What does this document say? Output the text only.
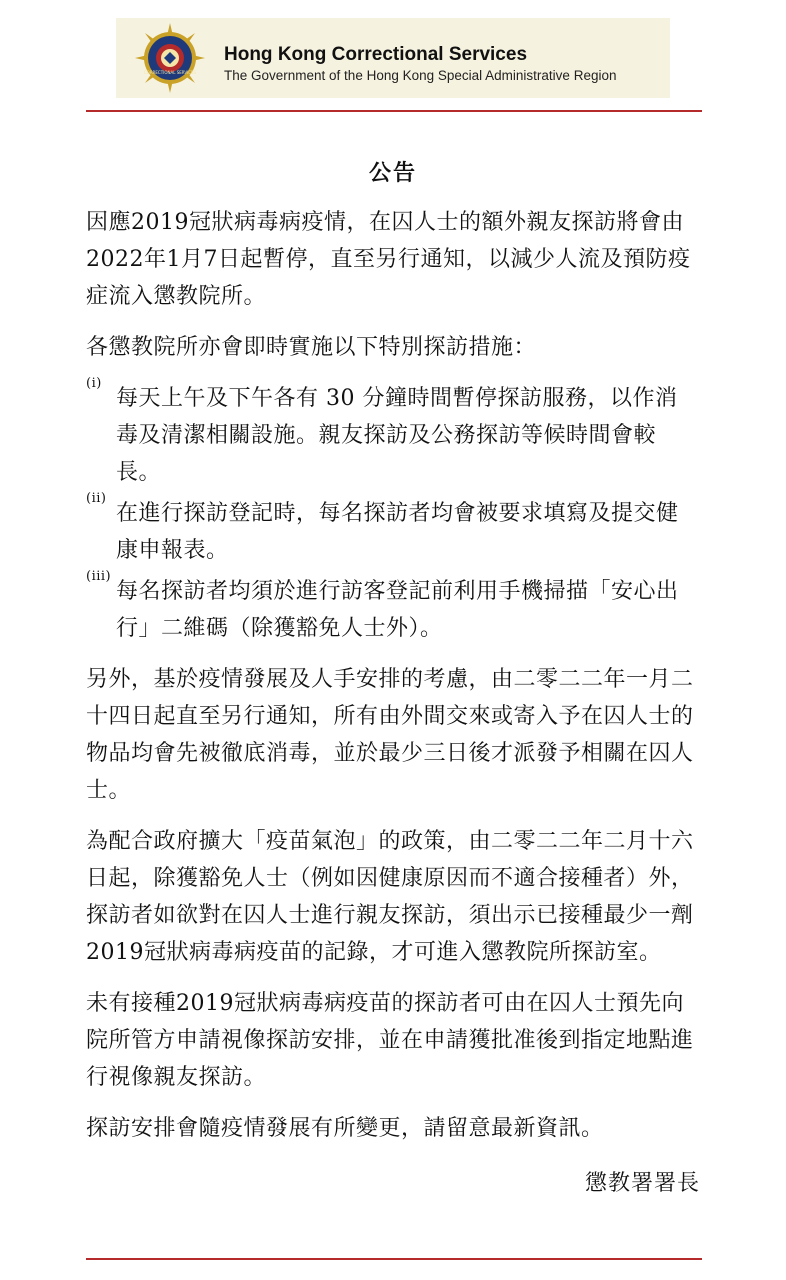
CORRECTIONAL SERVICES
Hong Kong Correctional Services
The Government of the Hong Kong Special Administrative Region
公告

因應2019冠狀病毒病疫情，在囚人士的額外親友探訪將會由2022年1月7日起暫停，直至另行通知，以減少人流及預防疫症流入懲教院所。

各懲教院所亦會即時實施以下特別探訪措施：

(i)
每天上午及下午各有 30 分鐘時間暫停探訪服務，以作消毒及清潔相關設施。親友探訪及公務探訪等候時間會較長。
(ii)
在進行探訪登記時，每名探訪者均會被要求填寫及提交健康申報表。
(iii)
每名探訪者均須於進行訪客登記前利用手機掃描「安心出行」二維碼（除獲豁免人士外）。

另外，基於疫情發展及人手安排的考慮，由二零二二年一月二十四日起直至另行通知，所有由外間交來或寄入予在囚人士的物品均會先被徹底消毒，並於最少三日後才派發予相關在囚人士。

為配合政府擴大「疫苗氣泡」的政策，由二零二二年二月十六日起，除獲豁免人士（例如因健康原因而不適合接種者）外，探訪者如欲對在囚人士進行親友探訪，須出示已接種最少一劑2019冠狀病毒病疫苗的記錄，才可進入懲教院所探訪室。

未有接種2019冠狀病毒病疫苗的探訪者可由在囚人士預先向院所管方申請視像探訪安排，並在申請獲批准後到指定地點進行視像親友探訪。

探訪安排會隨疫情發展有所變更，請留意最新資訊。

懲教署署長
